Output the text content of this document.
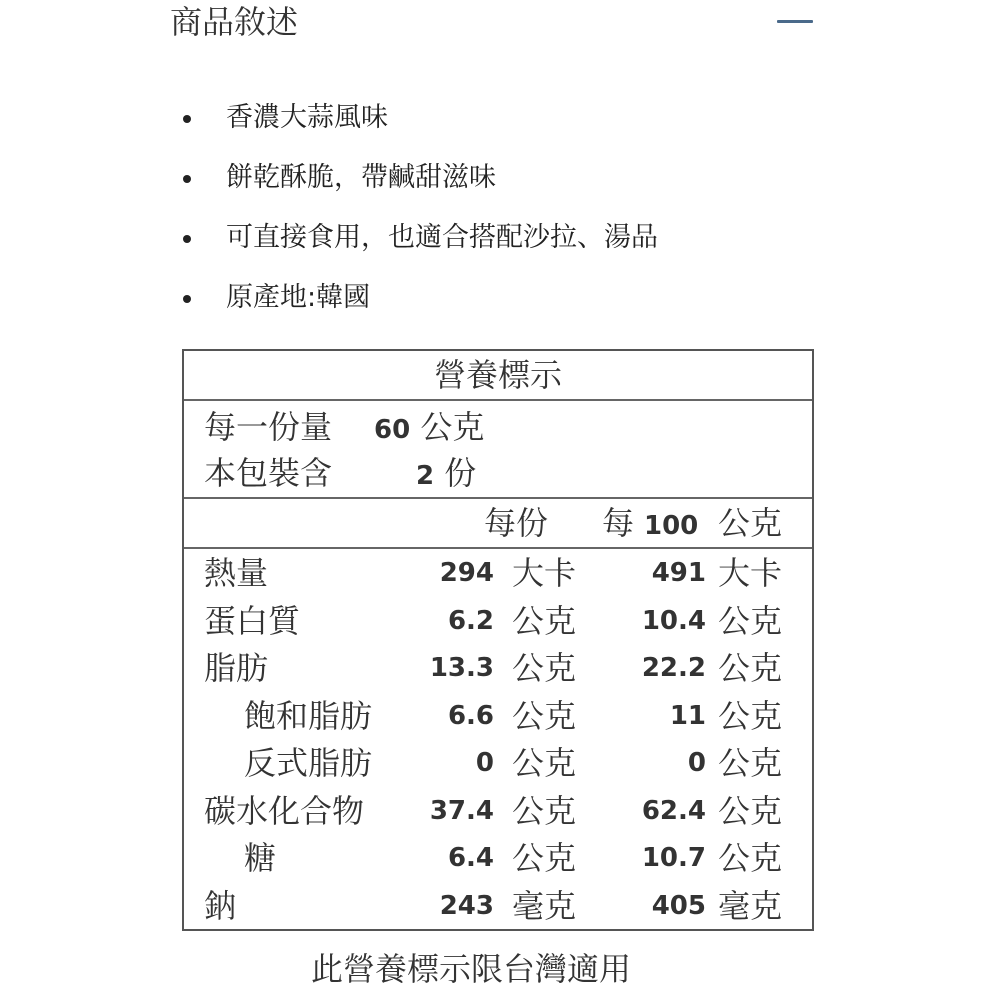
商品敘述
香濃大蒜風味
餅乾酥脆，帶鹹甜滋味
可直接食用，也適合搭配沙拉、湯品
原產地:韓國
營養標示
每一份量 60 公克
本包裝含	2 份
每份 每 100 公克
熱量	294 大卡	491 大卡
蛋白質	6.2 公克	10.4 公克
脂肪	13.3 公克	22.2 公克
飽和脂肪	6.6 公克	11 公克
反式脂肪	0 公克	0 公克
碳水化合物	37.4 公克	62.4 公克
糖	6.4 公克	10.7 公克
鈉	243 毫克	405 毫克
此營養標示限台灣適用
